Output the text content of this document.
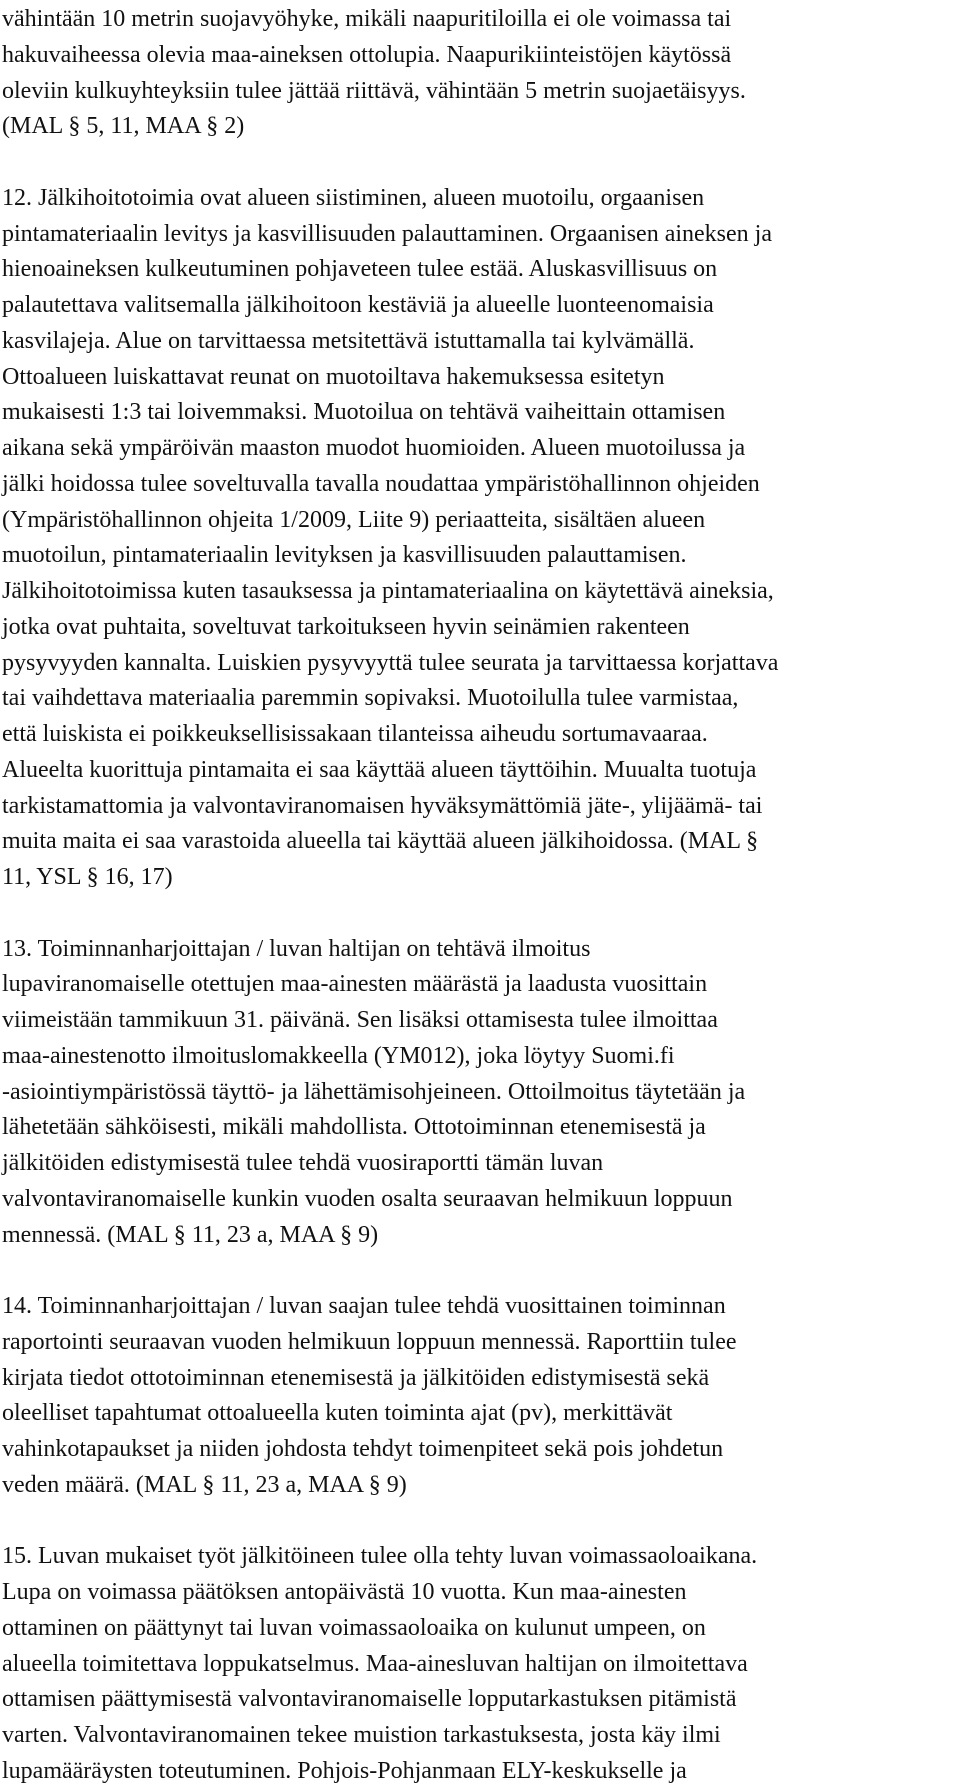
vähintään 10 metrin suojavyöhyke, mikäli naapuritiloilla ei ole voimassa tai
hakuvaiheessa olevia maa-aineksen ottolupia. Naapurikiinteistöjen käytössä
oleviin kulkuyhteyksiin tulee jättää riittävä, vähintään 5 metrin suojaetäisyys.
(MAL § 5, 11, MAA § 2)
12. Jälkihoitotoimia ovat alueen siistiminen, alueen muotoilu, orgaanisen
pintamateriaalin levitys ja kasvillisuuden palauttaminen. Orgaanisen aineksen ja
hienoaineksen kulkeutuminen pohjaveteen tulee estää. Aluskasvillisuus on
palautettava valitsemalla jälkihoitoon kestäviä ja alueelle luonteenomaisia
kasvilajeja. Alue on tarvittaessa metsitettävä istuttamalla tai kylvämällä.
Ottoalueen luiskattavat reunat on muotoiltava hakemuksessa esitetyn
mukaisesti 1:3 tai loivemmaksi. Muotoilua on tehtävä vaiheittain ottamisen
aikana sekä ympäröivän maaston muodot huomioiden. Alueen muotoilussa ja
jälki hoidossa tulee soveltuvalla tavalla noudattaa ympäristöhallinnon ohjeiden
(Ympäristöhallinnon ohjeita 1/2009, Liite 9) periaatteita, sisältäen alueen
muotoilun, pintamateriaalin levityksen ja kasvillisuuden palauttamisen.
Jälkihoitotoimissa kuten tasauksessa ja pintamateriaalina on käytettävä aineksia,
jotka ovat puhtaita, soveltuvat tarkoitukseen hyvin seinämien rakenteen
pysyvyyden kannalta. Luiskien pysyvyyttä tulee seurata ja tarvittaessa korjattava
tai vaihdettava materiaalia paremmin sopivaksi. Muotoilulla tulee varmistaa,
että luiskista ei poikkeuksellisissakaan tilanteissa aiheudu sortumavaaraa.
Alueelta kuorittuja pintamaita ei saa käyttää alueen täyttöihin. Muualta tuotuja
tarkistamattomia ja valvontaviranomaisen hyväksymättömiä jäte-, ylijäämä- tai
muita maita ei saa varastoida alueella tai käyttää alueen jälkihoidossa. (MAL §
11, YSL § 16, 17)
13. Toiminnanharjoittajan / luvan haltijan on tehtävä ilmoitus
lupaviranomaiselle otettujen maa-ainesten määrästä ja laadusta vuosittain
viimeistään tammikuun 31. päivänä. Sen lisäksi ottamisesta tulee ilmoittaa
maa-ainestenotto ilmoituslomakkeella (YM012), joka löytyy Suomi.fi
-asiointiympäristössä täyttö- ja lähettämisohjeineen. Ottoilmoitus täytetään ja
lähetetään sähköisesti, mikäli mahdollista. Ottotoiminnan etenemisestä ja
jälkitöiden edistymisestä tulee tehdä vuosiraportti tämän luvan
valvontaviranomaiselle kunkin vuoden osalta seuraavan helmikuun loppuun
mennessä. (MAL § 11, 23 a, MAA § 9)
14. Toiminnanharjoittajan / luvan saajan tulee tehdä vuosittainen toiminnan
raportointi seuraavan vuoden helmikuun loppuun mennessä. Raporttiin tulee
kirjata tiedot ottotoiminnan etenemisestä ja jälkitöiden edistymisestä sekä
oleelliset tapahtumat ottoalueella kuten toiminta ajat (pv), merkittävät
vahinkotapaukset ja niiden johdosta tehdyt toimenpiteet sekä pois johdetun
veden määrä. (MAL § 11, 23 a, MAA § 9)
15. Luvan mukaiset työt jälkitöineen tulee olla tehty luvan voimassaoloaikana.
Lupa on voimassa päätöksen antopäivästä 10 vuotta. Kun maa-ainesten
ottaminen on päättynyt tai luvan voimassaoloaika on kulunut umpeen, on
alueella toimitettava loppukatselmus. Maa-ainesluvan haltijan on ilmoitettava
ottamisen päättymisestä valvontaviranomaiselle lopputarkastuksen pitämistä
varten. Valvontaviranomainen tekee muistion tarkastuksesta, josta käy ilmi
lupamääräysten toteutuminen. Pohjois-Pohjanmaan ELY-keskukselle ja
